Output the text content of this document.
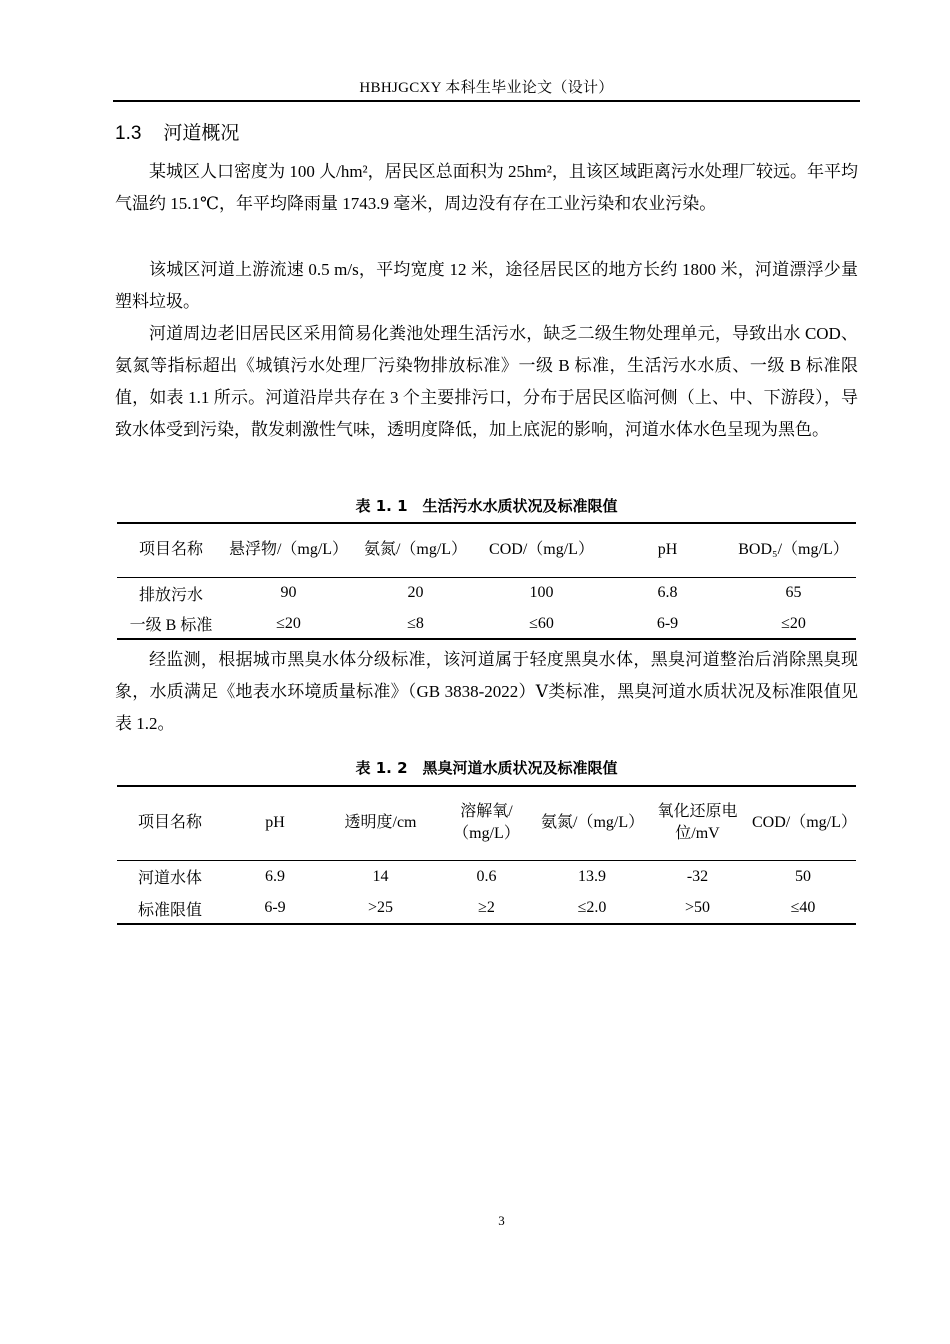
HBHJGCXY 本科生毕业论文（设计）
1.3 河道概况

某城区人口密度为 100 人/hm²，居民区总面积为 25hm²，且该区域距离污水处理厂较远。年平均气温约 15.1℃，年平均降雨量 1743.9 毫米，周边没有存在工业污染和农业污染。

该城区河道上游流速 0.5 m/s，平均宽度 12 米，途径居民区的地方长约 1800 米，河道漂浮少量塑料垃圾。

河道周边老旧居民区采用简易化粪池处理生活污水，缺乏二级生物处理单元，导致出水 COD、氨氮等指标超出《城镇污水处理厂污染物排放标准》一级 B 标准，生活污水水质、一级 B 标准限值，如表 1.1 所示。河道沿岸共存在 3 个主要排污口，分布于居民区临河侧（上、中、下游段），导致水体受到污染，散发刺激性气味，透明度降低，加上底泥的影响，河道水体水色呈现为黑色。

表 1. 1　生活污水水质状况及标准限值
项目名称	悬浮物/（mg/L）	氨氮/（mg/L）	COD/（mg/L）	pH	BOD₅/（mg/L）
排放污水	90	20	100	6.8	65
一级 B 标准	≤20	≤8	≤60	6-9	≤20

经监测，根据城市黑臭水体分级标准，该河道属于轻度黑臭水体，黑臭河道整治后消除黑臭现象，水质满足《地表水环境质量标准》（GB 3838-2022）Ⅴ类标准，黑臭河道水质状况及标准限值见表 1.2。

表 1. 2　黑臭河道水质状况及标准限值
项目名称	pH	透明度/cm	溶解氧/（mg/L）	氨氮/（mg/L）	氧化还原电位/mV	COD/（mg/L）
河道水体	6.9	14	0.6	13.9	-32	50
标准限值	6-9	>25	≥2	≤2.0	>50	≤40
3
